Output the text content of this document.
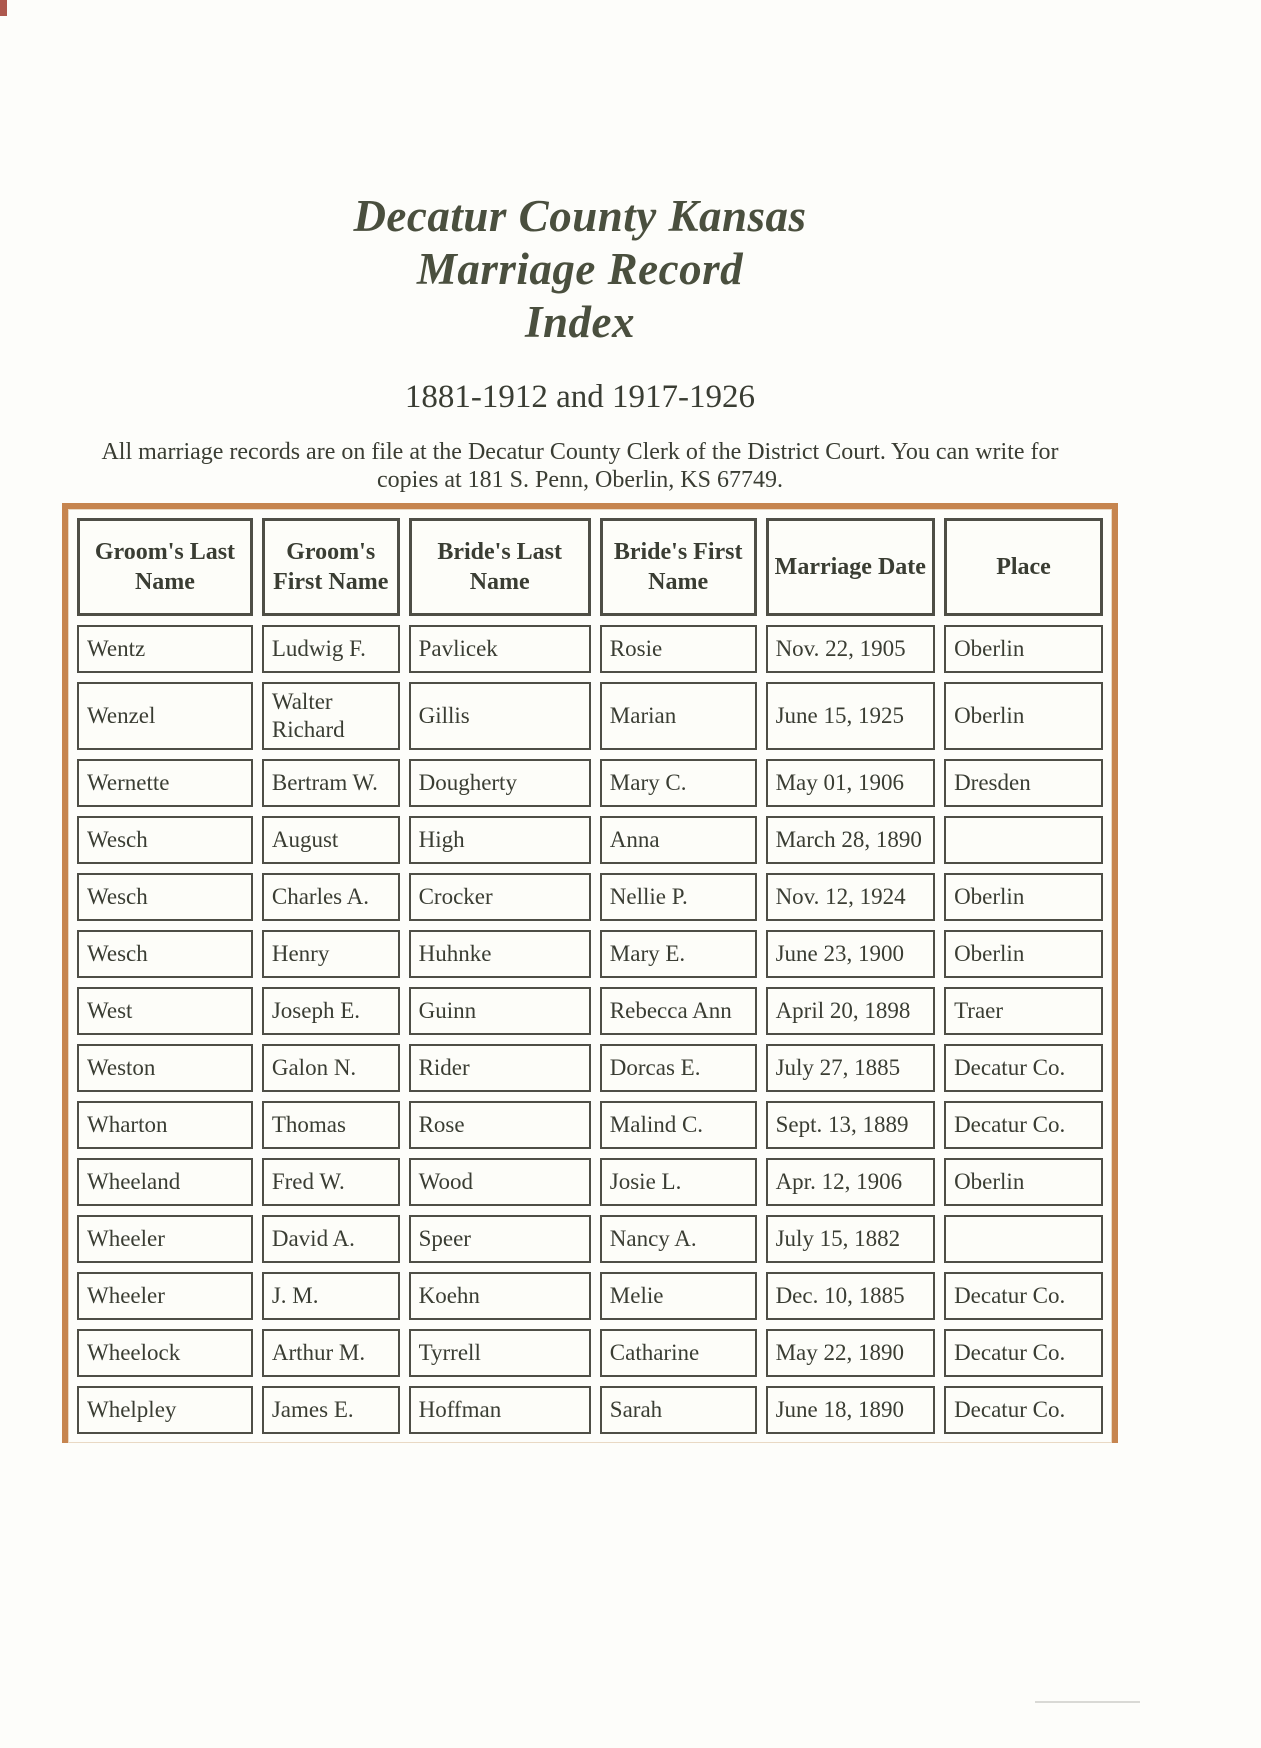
Decatur County Kansas
Marriage Record
Index
1881-1912 and 1917-1926

All marriage records are on file at the Decatur County Clerk of the District Court. You can write for
copies at 181 S. Penn, Oberlin, KS 67749.

Groom's Last Name	Groom's First Name	Bride's Last Name	Bride's First Name	Marriage Date	Place
Wentz	Ludwig F.	Pavlicek	Rosie	Nov. 22, 1905	Oberlin
Wenzel	Walter Richard	Gillis	Marian	June 15, 1925	Oberlin
Wernette	Bertram W.	Dougherty	Mary C.	May 01, 1906	Dresden
Wesch	August	High	Anna	March 28, 1890	
Wesch	Charles A.	Crocker	Nellie P.	Nov. 12, 1924	Oberlin
Wesch	Henry	Huhnke	Mary E.	June 23, 1900	Oberlin
West	Joseph E.	Guinn	Rebecca Ann	April 20, 1898	Traer
Weston	Galon N.	Rider	Dorcas E.	July 27, 1885	Decatur Co.
Wharton	Thomas	Rose	Malind C.	Sept. 13, 1889	Decatur Co.
Wheeland	Fred W.	Wood	Josie L.	Apr. 12, 1906	Oberlin
Wheeler	David A.	Speer	Nancy A.	July 15, 1882	
Wheeler	J. M.	Koehn	Melie	Dec. 10, 1885	Decatur Co.
Wheelock	Arthur M.	Tyrrell	Catharine	May 22, 1890	Decatur Co.
Whelpley	James E.	Hoffman	Sarah	June 18, 1890	Decatur Co.
